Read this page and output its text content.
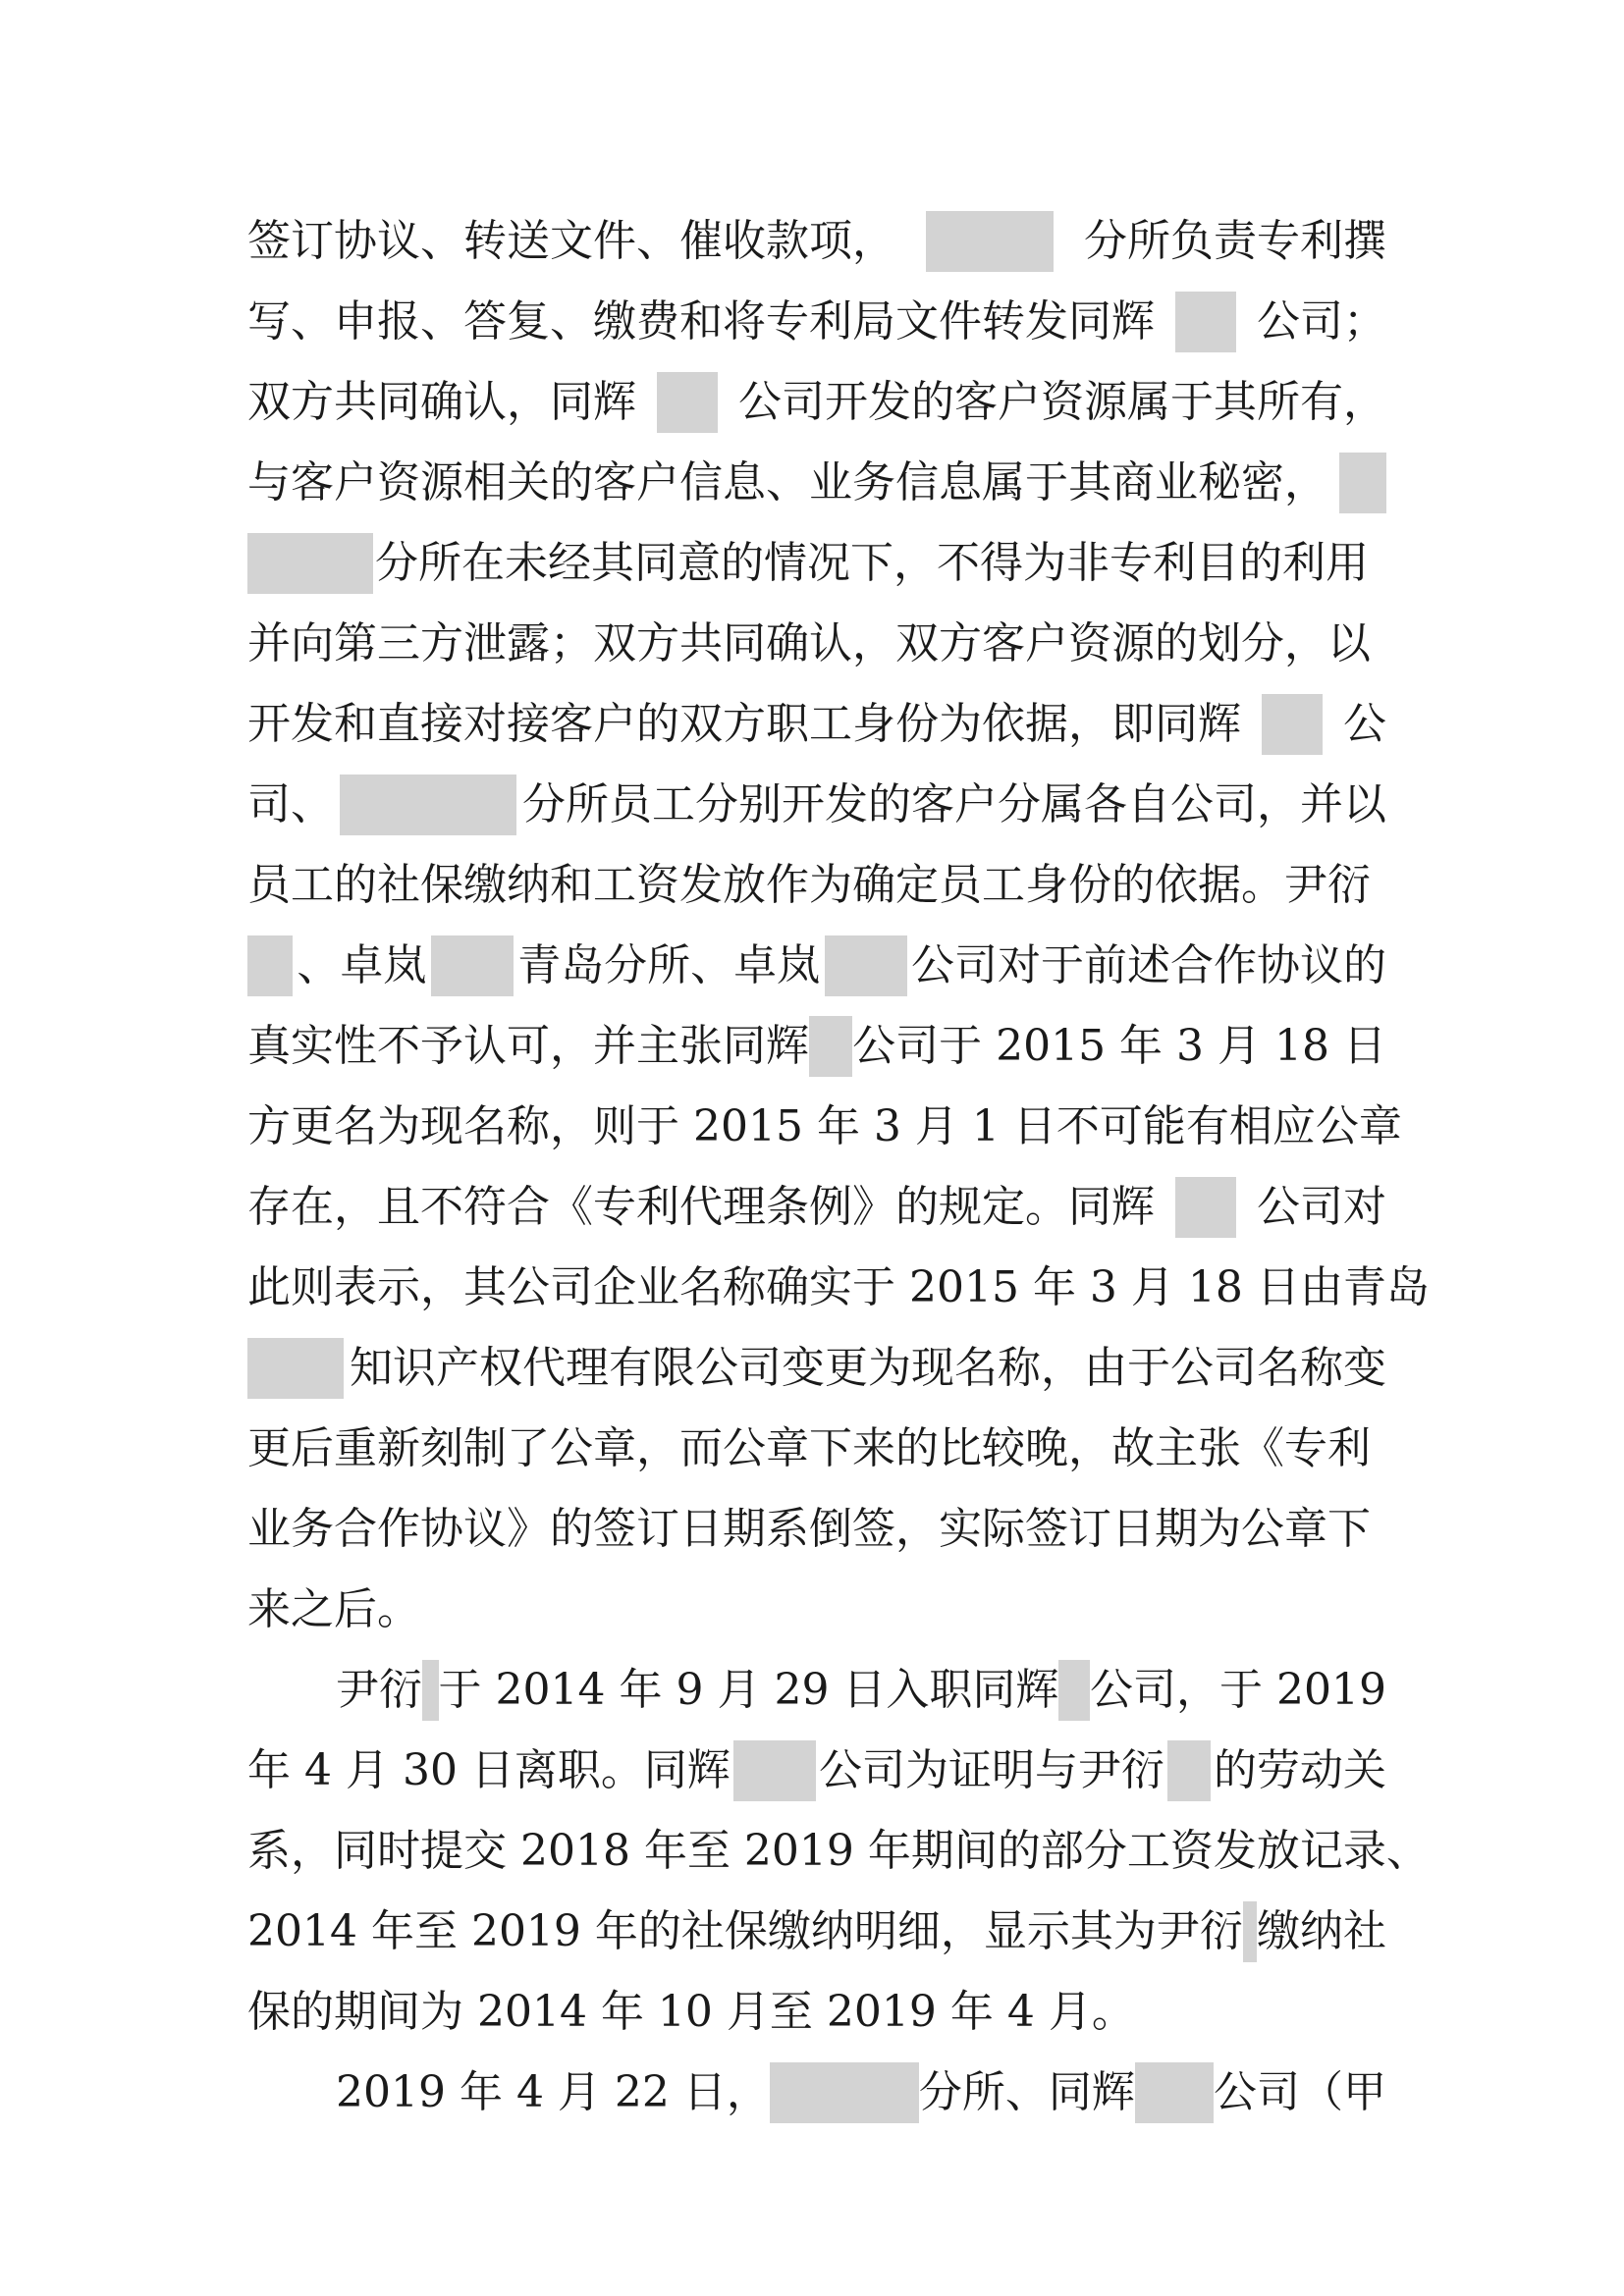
签订协议、转送文件、催收款项，	分所负责专利撰
写、申报、答复、缴费和将专利局文件转发同辉 公司；
双方共同确认，同辉 公司开发的客户资源属于其所有，
与客户资源相关的客户信息、业务信息属于其商业秘密，
分所在未经其同意的情况下，不得为非专利目的利用
并向第三方泄露；双方共同确认，双方客户资源的划分，以
开发和直接对接客户的双方职工身份为依据，即同辉 公
司、	分所员工分别开发的客户分属各自公司，并以
员工的社保缴纳和工资发放作为确定员工身份的依据。尹衍
、卓岚 青岛分所、卓岚 公司对于前述合作协议的
真实性不予认可，并主张同辉 公司于 2015 年 3 月 18 日
方更名为现名称，则于 2015 年 3 月 1 日不可能有相应公章
存在，且不符合《专利代理条例》的规定。同辉 公司对
此则表示，其公司企业名称确实于 2015 年 3 月 18 日由青岛
知识产权代理有限公司变更为现名称，由于公司名称变
更后重新刻制了公章，而公章下来的比较晚，故主张《专利
业务合作协议》的签订日期系倒签，实际签订日期为公章下
来之后。
尹衍 于 2014 年 9 月 29 日入职同辉 公司，于 2019
年 4 月 30 日离职。同辉 公司为证明与尹衍 的劳动关
系，同时提交 2018 年至 2019 年期间的部分工资发放记录、
2014 年至 2019 年的社保缴纳明细，显示其为尹衍 缴纳社
保的期间为 2014 年 10 月至 2019 年 4 月。
2019 年 4 月 22 日，	分所、同辉 公司（甲
